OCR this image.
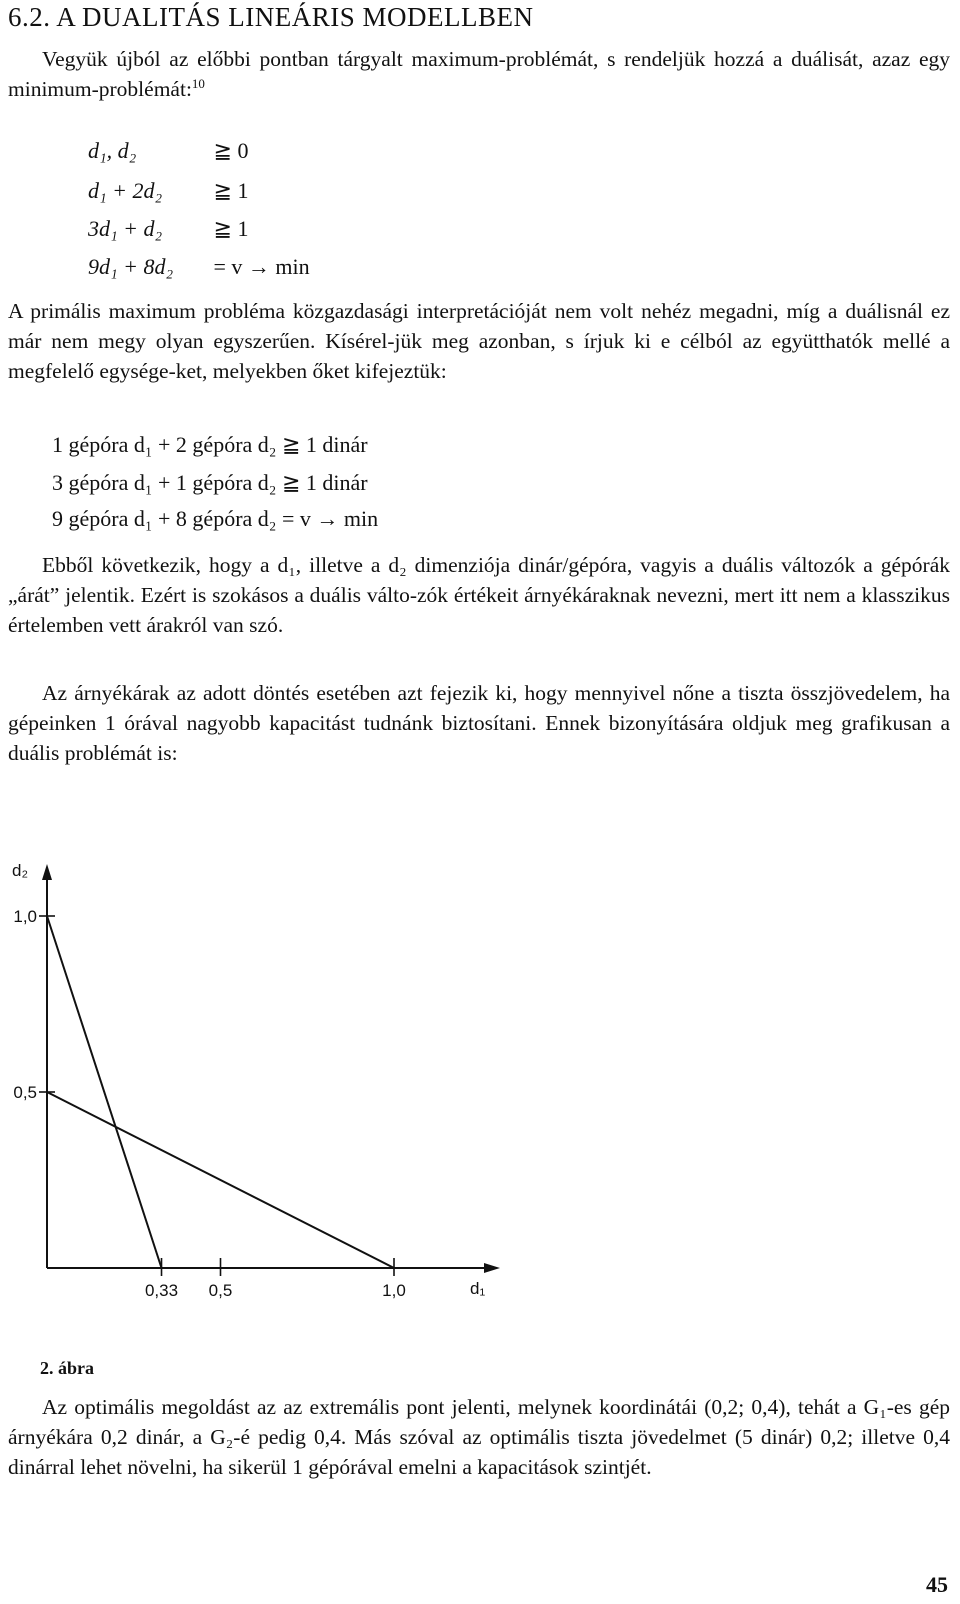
6.2. A DUALITÁS LINEÁRIS MODELLBEN
Vegyük újból az előbbi pontban tárgyalt maximum-problémát, s rendeljük hozzá a duálisát, azaz egy minimum-problémát:$^{10}$
d₁, d₂	≧ 0
d₁ + 2d₂ ≧ 1
3d₁ + d₂ ≧ 1
9d₁ + 8d₂ = v → min
A primális maximum probléma közgazdasági interpretációját nem volt nehéz megadni, míg a duálisnál ez már nem megy olyan egyszerűen. Kísérel-jük meg azonban, s írjuk ki e célból az együtthatók mellé a megfelelő egysége-ket, melyekben őket kifejeztük:
1 gépóra d₁ + 2 gépóra d₂ ≧ 1 dinár
3 gépóra d₁ + 1 gépóra d₂ ≧ 1 dinár
9 gépóra d₁ + 8 gépóra d₂ = v → min
Ebből következik, hogy a d₁, illetve a d₂ dimenziója dinár/gépóra, vagyis a duális változók a gépórák „árát” jelentik. Ezért is szokásos a duális válto-zók értékeit árnyékáraknak nevezni, mert itt nem a klasszikus értelemben vett árakról van szó.
Az árnyékárak az adott döntés esetében azt fejezik ki, hogy mennyivel nőne a tiszta összjövedelem, ha gépeinken 1 órával nagyobb kapacitást tudnánk biztosítani. Ennek bizonyítására oldjuk meg grafikusan a duális problémát is:
d₂
d₁
0,33 0,5	1,0
0,5
1,0
2. ábra
Az optimális megoldást az az extremális pont jelenti, melynek koordinátái (0,2; 0,4), tehát a G₁-es gép árnyékára 0,2 dinár, a G₂-é pedig 0,4. Más szóval az optimális tiszta jövedelmet (5 dinár) 0,2; illetve 0,4 dinárral lehet növelni, ha sikerül 1 gépórával emelni a kapacitások szintjét.
45
